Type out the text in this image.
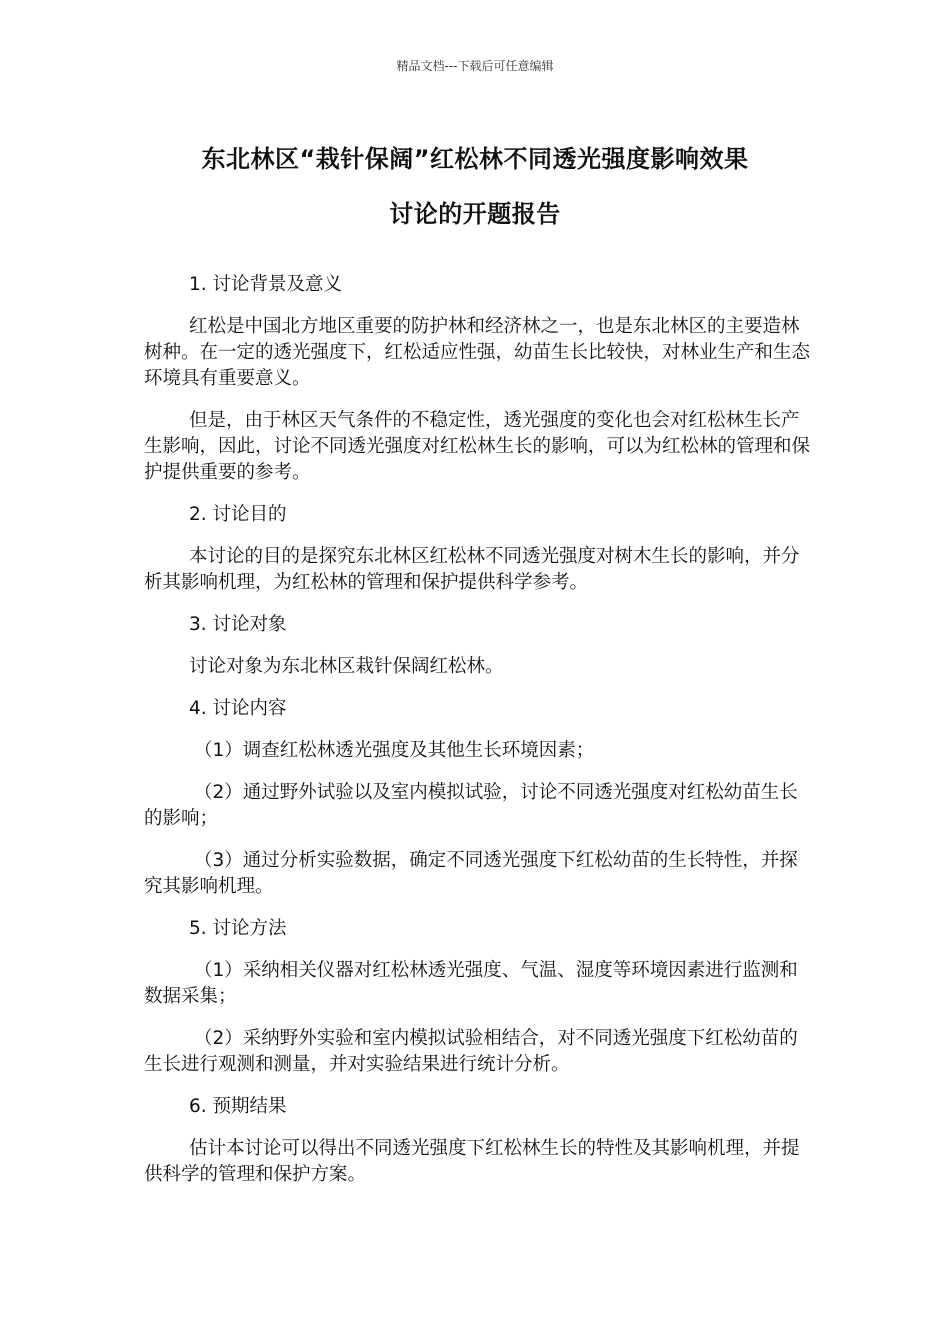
精品文档---下载后可任意编辑
东北林区“栽针保阔”红松林不同透光强度影响效果
讨论的开题报告

1. 讨论背景及意义

红松是中国北方地区重要的防护林和经济林之一，也是东北林区的主要造林树种。在一定的透光强度下，红松适应性强，幼苗生长比较快，对林业生产和生态环境具有重要意义。

但是，由于林区天气条件的不稳定性，透光强度的变化也会对红松林生长产生影响，因此，讨论不同透光强度对红松林生长的影响，可以为红松林的管理和保护提供重要的参考。

2. 讨论目的

本讨论的目的是探究东北林区红松林不同透光强度对树木生长的影响，并分析其影响机理，为红松林的管理和保护提供科学参考。

3. 讨论对象

讨论对象为东北林区栽针保阔红松林。

4. 讨论内容

（1）调查红松林透光强度及其他生长环境因素；

（2）通过野外试验以及室内模拟试验，讨论不同透光强度对红松幼苗生长的影响；

（3）通过分析实验数据，确定不同透光强度下红松幼苗的生长特性，并探究其影响机理。

5. 讨论方法

（1）采纳相关仪器对红松林透光强度、气温、湿度等环境因素进行监测和数据采集；

（2）采纳野外实验和室内模拟试验相结合，对不同透光强度下红松幼苗的生长进行观测和测量，并对实验结果进行统计分析。

6. 预期结果

估计本讨论可以得出不同透光强度下红松林生长的特性及其影响机理，并提供科学的管理和保护方案。
